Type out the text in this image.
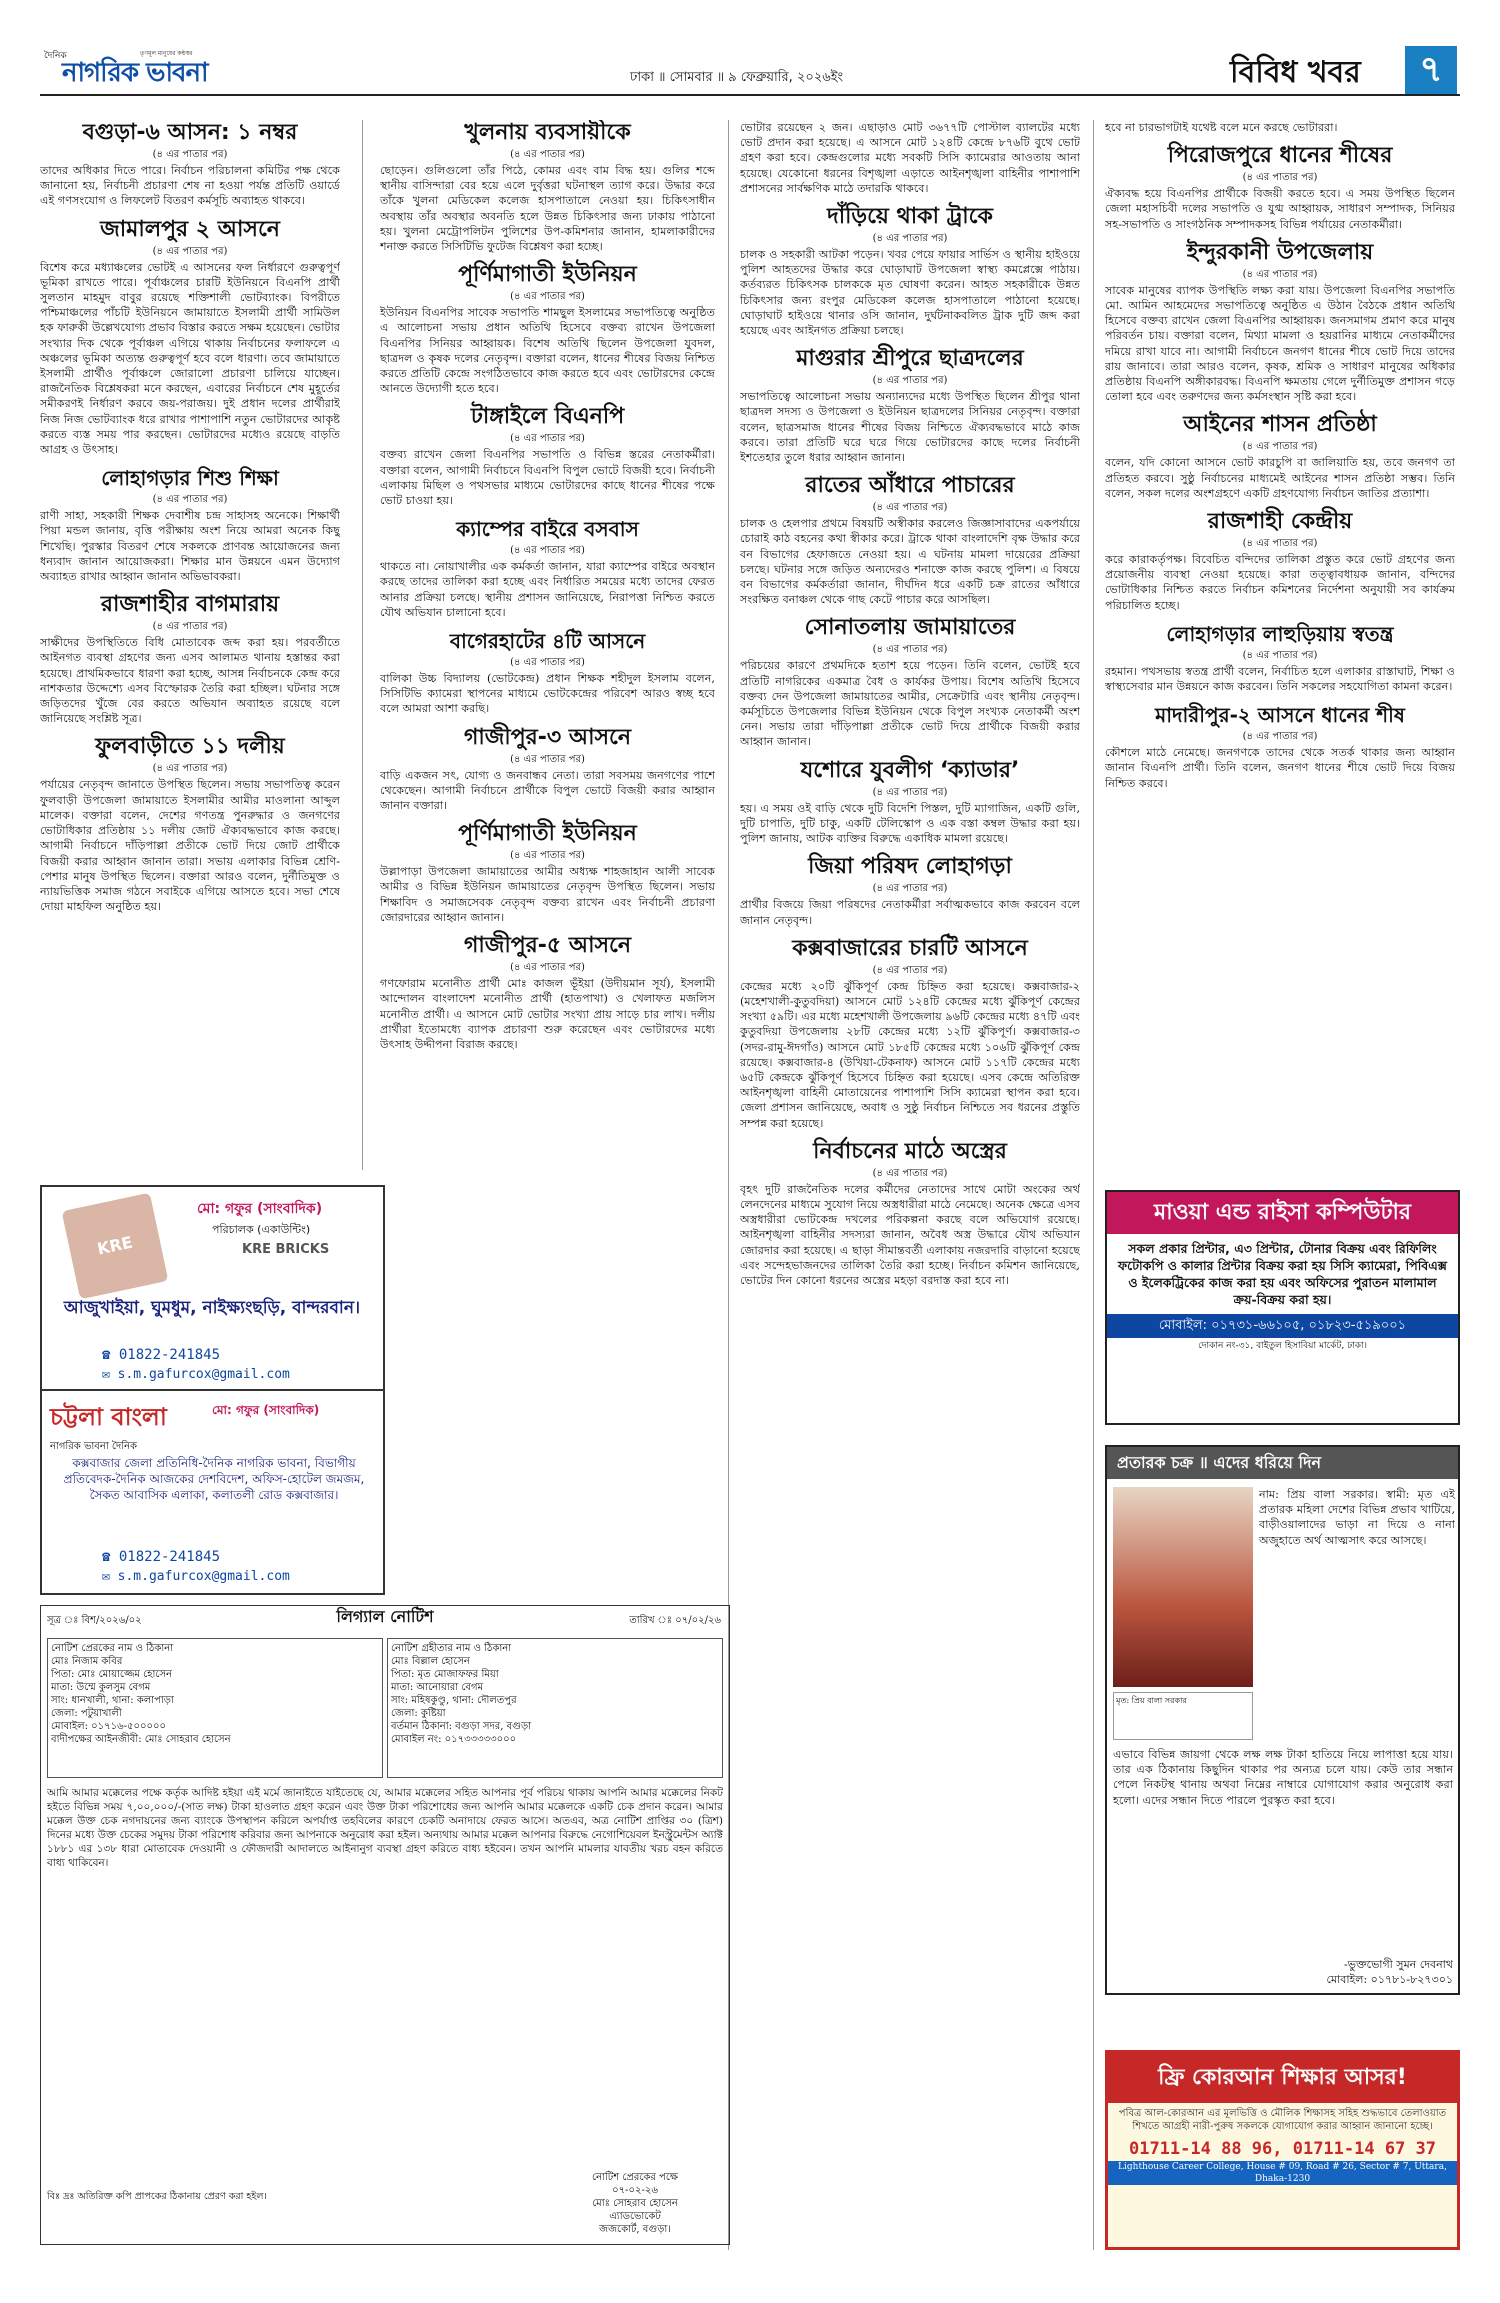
দৈনিক
নাগরিক ভাবনা
তৃণমূল মানুষের কন্ঠস্বর
ঢাকা ॥ সোমবার ॥ ৯ ফেব্রুয়ারি, ২০২৬ইং	বিবিধ খবর	৭
বগুড়া-৬ আসন: ১ নম্বর
(৪ এর পাতার পর)

তাদের অধিকার দিতে পারে। নির্বাচন পরিচালনা কমিটির পক্ষ থেকে জানানো হয়, নির্বাচনী প্রচারণা শেষ না হওয়া পর্যন্ত প্রতিটি ওয়ার্ডে এই গণসংযোগ ও লিফলেট বিতরণ কর্মসূচি অব্যাহত থাকবে।

জামালপুর ২ আসনে
(৪ এর পাতার পর)

বিশেষ করে মধ্যাঞ্চলের ভোটই এ আসনের ফল নির্ধারণে গুরুত্বপূর্ণ ভূমিকা রাখতে পারে। পূর্বাঞ্চলের চারটি ইউনিয়নে বিএনপি প্রার্থী সুলতান মাহমুদ বাবুর রয়েছে শক্তিশালী ভোটব্যাংক। বিপরীতে পশ্চিমাঞ্চলের পাঁচটি ইউনিয়নে জামায়াতে ইসলামী প্রার্থী সামিউল হক ফারুকী উল্লেখযোগ্য প্রভাব বিস্তার করতে সক্ষম হয়েছেন। ভোটার সংখ্যার দিক থেকে পূর্বাঞ্চল এগিয়ে থাকায় নির্বাচনের ফলাফলে এ অঞ্চলের ভূমিকা অত্যন্ত গুরুত্বপূর্ণ হবে বলে ধারণা। তবে জামায়াতে ইসলামী প্রার্থীও পূর্বাঞ্চলে জোরালো প্রচারণা চালিয়ে যাচ্ছেন। রাজনৈতিক বিশ্লেষকরা মনে করছেন, এবারের নির্বাচনে শেষ মুহূর্তের সমীকরণই নির্ধারণ করবে জয়-পরাজয়। দুই প্রধান দলের প্রার্থীরাই নিজ নিজ ভোটব্যাংক ধরে রাখার পাশাপাশি নতুন ভোটারদের আকৃষ্ট করতে ব্যস্ত সময় পার করছেন। ভোটারদের মধ্যেও রয়েছে বাড়তি আগ্রহ ও উৎসাহ।

লোহাগড়ার শিশু শিক্ষা
(৪ এর পাতার পর)

রাণী সাহা, সহকারী শিক্ষক দেবাশীষ চন্দ্র সাহাসহ অনেকে। শিক্ষার্থী পিয়া মন্ডল জানায়, বৃত্তি পরীক্ষায় অংশ নিয়ে আমরা অনেক কিছু শিখেছি। পুরস্কার বিতরণ শেষে সকলকে প্রাণবন্ত আয়োজনের জন্য ধন্যবাদ জানান আয়োজকরা। শিক্ষার মান উন্নয়নে এমন উদ্যোগ অব্যাহত রাখার আহ্বান জানান অভিভাবকরা।

রাজশাহীর বাগমারায়
(৪ এর পাতার পর)

সাক্ষীদের উপস্থিতিতে বিধি মোতাবেক জব্দ করা হয়। পরবর্তীতে আইনগত ব্যবস্থা গ্রহণের জন্য এসব আলামত থানায় হস্তান্তর করা হয়েছে। প্রাথমিকভাবে ধারণা করা হচ্ছে, আসন্ন নির্বাচনকে কেন্দ্র করে নাশকতার উদ্দেশ্যে এসব বিস্ফোরক তৈরি করা হচ্ছিল। ঘটনার সঙ্গে জড়িতদের খুঁজে বের করতে অভিযান অব্যাহত রয়েছে বলে জানিয়েছে সংশ্লিষ্ট সূত্র।

ফুলবাড়ীতে ১১ দলীয়
(৪ এর পাতার পর)

পর্যায়ের নেতৃবৃন্দ জানাতে উপস্থিত ছিলেন। সভায় সভাপতিত্ব করেন ফুলবাড়ী উপজেলা জামায়াতে ইসলামীর আমীর মাওলানা আব্দুল মালেক। বক্তারা বলেন, দেশের গণতন্ত্র পুনরুদ্ধার ও জনগণের ভোটাধিকার প্রতিষ্ঠায় ১১ দলীয় জোট ঐক্যবদ্ধভাবে কাজ করছে। আগামী নির্বাচনে দাঁড়িপাল্লা প্রতীকে ভোট দিয়ে জোট প্রার্থীকে বিজয়ী করার আহ্বান জানান তারা। সভায় এলাকার বিভিন্ন শ্রেণি-পেশার মানুষ উপস্থিত ছিলেন। বক্তারা আরও বলেন, দুর্নীতিমুক্ত ও ন্যায়ভিত্তিক সমাজ গঠনে সবাইকে এগিয়ে আসতে হবে। সভা শেষে দোয়া মাহফিল অনুষ্ঠিত হয়।

খুলনায় ব্যবসায়ীকে
(৪ এর পাতার পর)

ছোড়েন। গুলিগুলো তাঁর পিঠে, কোমর এবং বাম বিদ্ধ হয়। গুলির শব্দে স্থানীয় বাসিন্দারা বের হয়ে এলে দুর্বৃত্তরা ঘটনাস্থল ত্যাগ করে। উদ্ধার করে তাঁকে খুলনা মেডিকেল কলেজ হাসপাতালে নেওয়া হয়। চিকিৎসাধীন অবস্থায় তাঁর অবস্থার অবনতি হলে উন্নত চিকিৎসার জন্য ঢাকায় পাঠানো হয়। খুলনা মেট্রোপলিটন পুলিশের উপ-কমিশনার জানান, হামলাকারীদের শনাক্ত করতে সিসিটিভি ফুটেজ বিশ্লেষণ করা হচ্ছে।

পূর্ণিমাগাতী ইউনিয়ন
(৪ এর পাতার পর)

ইউনিয়ন বিএনপির সাবেক সভাপতি শামছুল ইসলামের সভাপতিত্বে অনুষ্ঠিত এ আলোচনা সভায় প্রধান অতিথি হিসেবে বক্তব্য রাখেন উপজেলা বিএনপির সিনিয়র আহ্বায়ক। বিশেষ অতিথি ছিলেন উপজেলা যুবদল, ছাত্রদল ও কৃষক দলের নেতৃবৃন্দ। বক্তারা বলেন, ধানের শীষের বিজয় নিশ্চিত করতে প্রতিটি কেন্দ্রে সংগঠিতভাবে কাজ করতে হবে এবং ভোটারদের কেন্দ্রে আনতে উদ্যোগী হতে হবে।

টাঙ্গাইলে বিএনপি
(৪ এর পাতার পর)

বক্তব্য রাখেন জেলা বিএনপির সভাপতি ও বিভিন্ন স্তরের নেতাকর্মীরা। বক্তারা বলেন, আগামী নির্বাচনে বিএনপি বিপুল ভোটে বিজয়ী হবে। নির্বাচনী এলাকায় মিছিল ও পথসভার মাধ্যমে ভোটারদের কাছে ধানের শীষের পক্ষে ভোট চাওয়া হয়।

ক্যাম্পের বাইরে বসবাস
(৪ এর পাতার পর)

থাকতে না। নোয়াখালীর এক কর্মকর্তা জানান, যারা ক্যাম্পের বাইরে অবস্থান করছে তাদের তালিকা করা হচ্ছে এবং নির্ধারিত সময়ের মধ্যে তাদের ফেরত আনার প্রক্রিয়া চলছে। স্থানীয় প্রশাসন জানিয়েছে, নিরাপত্তা নিশ্চিত করতে যৌথ অভিযান চালানো হবে।

বাগেরহাটের ৪টি আসনে
(৪ এর পাতার পর)

বালিকা উচ্চ বিদ্যালয় (ভোটকেন্দ্র) প্রধান শিক্ষক শহীদুল ইসলাম বলেন, সিসিটিভি ক্যামেরা স্থাপনের মাধ্যমে ভোটকেন্দ্রের পরিবেশ আরও স্বচ্ছ হবে বলে আমরা আশা করছি।

গাজীপুর-৩ আসনে
(৪ এর পাতার পর)

বাড়ি একজন সৎ, যোগ্য ও জনবান্ধব নেতা। তারা সবসময় জনগণের পাশে থেকেছেন। আগামী নির্বাচনে প্রার্থীকে বিপুল ভোটে বিজয়ী করার আহ্বান জানান বক্তারা।

পূর্ণিমাগাতী ইউনিয়ন
(৪ এর পাতার পর)

উল্লাপাড়া উপজেলা জামায়াতের আমীর অধ্যক্ষ শাহজাহান আলী সাবেক আমীর ও বিভিন্ন ইউনিয়ন জামায়াতের নেতৃবৃন্দ উপস্থিত ছিলেন। সভায় শিক্ষাবিদ ও সমাজসেবক নেতৃবৃন্দ বক্তব্য রাখেন এবং নির্বাচনী প্রচারণা জোরদারের আহ্বান জানান।

গাজীপুর-৫ আসনে
(৪ এর পাতার পর)

গণফোরাম মনোনীত প্রার্থী মোঃ কাজল ভূঁইয়া (উদীয়মান সূর্য), ইসলামী আন্দোলন বাংলাদেশ মনোনীত প্রার্থী (হাতপাখা) ও খেলাফত মজলিস মনোনীত প্রার্থী। এ আসনে মোট ভোটার সংখ্যা প্রায় সাড়ে চার লাখ। দলীয় প্রার্থীরা ইতোমধ্যে ব্যাপক প্রচারণা শুরু করেছেন এবং ভোটারদের মধ্যে উৎসাহ উদ্দীপনা বিরাজ করছে।

ভোটার রয়েছেন ২ জন। এছাড়াও মোট ৩৬৭৭টি পোস্টাল ব্যালটের মধ্যে ভোট প্রদান করা হয়েছে। এ আসনে মোট ১২৪টি কেন্দ্রে ৮৭৬টি বুথে ভোট গ্রহণ করা হবে। কেন্দ্রগুলোর মধ্যে সবকটি সিসি ক্যামেরার আওতায় আনা হয়েছে। যেকোনো ধরনের বিশৃঙ্খলা এড়াতে আইনশৃঙ্খলা বাহিনীর পাশাপাশি প্রশাসনের সার্বক্ষণিক মাঠে তদারকি থাকবে।

দাঁড়িয়ে থাকা ট্রাকে
(৪ এর পাতার পর)

চালক ও সহকারী আটকা পড়েন। খবর পেয়ে ফায়ার সার্ভিস ও স্থানীয় হাইওয়ে পুলিশ আহতদের উদ্ধার করে ঘোড়াঘাট উপজেলা স্বাস্থ্য কমপ্লেক্সে পাঠায়। কর্তব্যরত চিকিৎসক চালককে মৃত ঘোষণা করেন। আহত সহকারীকে উন্নত চিকিৎসার জন্য রংপুর মেডিকেল কলেজ হাসপাতালে পাঠানো হয়েছে। ঘোড়াঘাট হাইওয়ে থানার ওসি জানান, দুর্ঘটনাকবলিত ট্রাক দুটি জব্দ করা হয়েছে এবং আইনগত প্রক্রিয়া চলছে।

মাগুরার শ্রীপুরে ছাত্রদলের
(৪ এর পাতার পর)

সভাপতিত্বে আলোচনা সভায় অন্যান্যদের মধ্যে উপস্থিত ছিলেন শ্রীপুর থানা ছাত্রদল সদস্য ও উপজেলা ও ইউনিয়ন ছাত্রদলের সিনিয়র নেতৃবৃন্দ। বক্তারা বলেন, ছাত্রসমাজ ধানের শীষের বিজয় নিশ্চিতে ঐক্যবদ্ধভাবে মাঠে কাজ করবে। তারা প্রতিটি ঘরে ঘরে গিয়ে ভোটারদের কাছে দলের নির্বাচনী ইশতেহার তুলে ধরার আহ্বান জানান।

রাতের আঁধারে পাচারের
(৪ এর পাতার পর)

চালক ও হেলপার প্রথমে বিষয়টি অস্বীকার করলেও জিজ্ঞাসাবাদের একপর্যায়ে চোরাই কাঠ বহনের কথা স্বীকার করে। ট্রাকে থাকা বাংলাদেশি বৃক্ষ উদ্ধার করে বন বিভাগের হেফাজতে নেওয়া হয়। এ ঘটনায় মামলা দায়েরের প্রক্রিয়া চলছে। ঘটনার সঙ্গে জড়িত অন্যদেরও শনাক্তে কাজ করছে পুলিশ। এ বিষয়ে বন বিভাগের কর্মকর্তারা জানান, দীর্ঘদিন ধরে একটি চক্র রাতের আঁধারে সংরক্ষিত বনাঞ্চল থেকে গাছ কেটে পাচার করে আসছিল।

সোনাতলায় জামায়াতের
(৪ এর পাতার পর)

পরিচয়ের কারণে প্রথমদিকে হতাশ হয়ে পড়েন। তিনি বলেন, ভোটই হবে প্রতিটি নাগরিকের একমাত্র বৈধ ও কার্যকর উপায়। বিশেষ অতিথি হিসেবে বক্তব্য দেন উপজেলা জামায়াতের আমীর, সেক্রেটারি এবং স্থানীয় নেতৃবৃন্দ। কর্মসূচিতে উপজেলার বিভিন্ন ইউনিয়ন থেকে বিপুল সংখ্যক নেতাকর্মী অংশ নেন। সভায় তারা দাঁড়িপাল্লা প্রতীকে ভোট দিয়ে প্রার্থীকে বিজয়ী করার আহ্বান জানান।

যশোরে যুবলীগ ‘ক্যাডার’
(৪ এর পাতার পর)

হয়। এ সময় ওই বাড়ি থেকে দুটি বিদেশি পিস্তল, দুটি ম্যাগাজিন, একটি গুলি, দুটি চাপাতি, দুটি চাকু, একটি টেলিস্কোপ ও এক বস্তা কম্বল উদ্ধার করা হয়। পুলিশ জানায়, আটক ব্যক্তির বিরুদ্ধে একাধিক মামলা রয়েছে।

জিয়া পরিষদ লোহাগড়া
(৪ এর পাতার পর)

প্রার্থীর বিজয়ে জিয়া পরিষদের নেতাকর্মীরা সর্বাত্মকভাবে কাজ করবেন বলে জানান নেতৃবৃন্দ।

কক্সবাজারের চারটি আসনে
(৪ এর পাতার পর)

কেন্দ্রের মধ্যে ২০টি ঝুঁকিপূর্ণ কেন্দ্র চিহ্নিত করা হয়েছে। কক্সবাজার-২ (মহেশখালী-কুতুবদিয়া) আসনে মোট ১২৪টি কেন্দ্রের মধ্যে ঝুঁকিপূর্ণ কেন্দ্রের সংখ্যা ৫৯টি। এর মধ্যে মহেশখালী উপজেলায় ৯৬টি কেন্দ্রের মধ্যে ৪৭টি এবং কুতুবদিয়া উপজেলায় ২৮টি কেন্দ্রের মধ্যে ১২টি ঝুঁকিপূর্ণ। কক্সবাজার-৩ (সদর-রামু-ঈদগাঁও) আসনে মোট ১৮৫টি কেন্দ্রের মধ্যে ১০৬টি ঝুঁকিপূর্ণ কেন্দ্র রয়েছে। কক্সবাজার-৪ (উখিয়া-টেকনাফ) আসনে মোট ১১৭টি কেন্দ্রের মধ্যে ৬৫টি কেন্দ্রকে ঝুঁকিপূর্ণ হিসেবে চিহ্নিত করা হয়েছে। এসব কেন্দ্রে অতিরিক্ত আইনশৃঙ্খলা বাহিনী মোতায়েনের পাশাপাশি সিসি ক্যামেরা স্থাপন করা হবে। জেলা প্রশাসন জানিয়েছে, অবাধ ও সুষ্ঠু নির্বাচন নিশ্চিতে সব ধরনের প্রস্তুতি সম্পন্ন করা হয়েছে।

নির্বাচনের মাঠে অস্ত্রের
(৪ এর পাতার পর)

বৃহৎ দুটি রাজনৈতিক দলের কর্মীদের নেতাদের সাথে মোটা অংকের অর্থ লেনদেনের মাধ্যমে সুযোগ নিয়ে অস্ত্রধারীরা মাঠে নেমেছে। অনেক ক্ষেত্রে এসব অস্ত্রধারীরা ভোটকেন্দ্র দখলের পরিকল্পনা করছে বলে অভিযোগ রয়েছে। আইনশৃঙ্খলা বাহিনীর সদস্যরা জানান, অবৈধ অস্ত্র উদ্ধারে যৌথ অভিযান জোরদার করা হয়েছে। এ ছাড়া সীমান্তবর্তী এলাকায় নজরদারি বাড়ানো হয়েছে এবং সন্দেহভাজনদের তালিকা তৈরি করা হচ্ছে। নির্বাচন কমিশন জানিয়েছে, ভোটের দিন কোনো ধরনের অস্ত্রের মহড়া বরদাস্ত করা হবে না।

হবে না চারভাগটাই যথেষ্ট বলে মনে করছে ভোটাররা।

পিরোজপুরে ধানের শীষের
(৪ এর পাতার পর)

ঐক্যবদ্ধ হয়ে বিএনপির প্রার্থীকে বিজয়ী করতে হবে। এ সময় উপস্থিত ছিলেন জেলা মহাসচিবী দলের সভাপতি ও যুগ্ম আহ্বায়ক, সাধারণ সম্পাদক, সিনিয়র সহ-সভাপতি ও সাংগঠনিক সম্পাদকসহ বিভিন্ন পর্যায়ের নেতাকর্মীরা।

ইন্দুরকানী উপজেলায়
(৪ এর পাতার পর)

সাবেক মানুষের ব্যাপক উপস্থিতি লক্ষ্য করা যায়। উপজেলা বিএনপির সভাপতি মো. আমিন আহমেদের সভাপতিত্বে অনুষ্ঠিত এ উঠান বৈঠকে প্রধান অতিথি হিসেবে বক্তব্য রাখেন জেলা বিএনপির আহ্বায়ক। জনসমাগম প্রমাণ করে মানুষ পরিবর্তন চায়। বক্তারা বলেন, মিথ্যা মামলা ও হয়রানির মাধ্যমে নেতাকর্মীদের দমিয়ে রাখা যাবে না। আগামী নির্বাচনে জনগণ ধানের শীষে ভোট দিয়ে তাদের রায় জানাবে। তারা আরও বলেন, কৃষক, শ্রমিক ও সাধারণ মানুষের অধিকার প্রতিষ্ঠায় বিএনপি অঙ্গীকারবদ্ধ। বিএনপি ক্ষমতায় গেলে দুর্নীতিমুক্ত প্রশাসন গড়ে তোলা হবে এবং তরুণদের জন্য কর্মসংস্থান সৃষ্টি করা হবে।

আইনের শাসন প্রতিষ্ঠা
(৪ এর পাতার পর)

বলেন, যদি কোনো আসনে ভোট কারচুপি বা জালিয়াতি হয়, তবে জনগণ তা প্রতিহত করবে। সুষ্ঠু নির্বাচনের মাধ্যমেই আইনের শাসন প্রতিষ্ঠা সম্ভব। তিনি বলেন, সকল দলের অংশগ্রহণে একটি গ্রহণযোগ্য নির্বাচন জাতির প্রত্যাশা।

রাজশাহী কেন্দ্রীয়
(৪ এর পাতার পর)

করে কারাকর্তৃপক্ষ। বিবেচিত বন্দিদের তালিকা প্রস্তুত করে ভোট গ্রহণের জন্য প্রয়োজনীয় ব্যবস্থা নেওয়া হয়েছে। কারা তত্ত্বাবধায়ক জানান, বন্দিদের ভোটাধিকার নিশ্চিত করতে নির্বাচন কমিশনের নির্দেশনা অনুযায়ী সব কার্যক্রম পরিচালিত হচ্ছে।

লোহাগড়ার লাহুড়িয়ায় স্বতন্ত্র
(৪ এর পাতার পর)

রহমান। পথসভায় স্বতন্ত্র প্রার্থী বলেন, নির্বাচিত হলে এলাকার রাস্তাঘাট, শিক্ষা ও স্বাস্থ্যসেবার মান উন্নয়নে কাজ করবেন। তিনি সকলের সহযোগিতা কামনা করেন।

মাদারীপুর-২ আসনে ধানের শীষ
(৪ এর পাতার পর)

কৌশলে মাঠে নেমেছে। জনগণকে তাদের থেকে সতর্ক থাকার জন্য আহ্বান জানান বিএনপি প্রার্থী। তিনি বলেন, জনগণ ধানের শীষে ভোট দিয়ে বিজয় নিশ্চিত করবে।

KRE
মো: গফুর (সাংবাদিক)
পরিচালক (একাউন্টিং)
KRE BRICKS
আজুখাইয়া, ঘুমধুম, নাইক্ষ্যংছড়ি, বান্দরবান।
☎ 01822-241845
✉ s.m.gafurcox@gmail.com
চট্টলা বাংলা	মো: গফুর (সাংবাদিক)
নাগরিক ভাবনা দৈনিক
কক্সবাজার জেলা প্রতিনিধি-দৈনিক নাগরিক ভাবনা, বিভাগীয় প্রতিবেদক-দৈনিক আজকের দেশবিদেশ, অফিস-হোটেল জমজম, সৈকত আবাসিক এলাকা, কলাতলী রোড কক্সবাজার।
☎ 01822-241845
✉ s.m.gafurcox@gmail.com
সূত্র ঃ বিশ/২০২৬/০২	লিগ্যাল নোটিশ	তারিখ ঃ ০৭/০২/২৬
নোটিশ প্রেরকের নাম ও ঠিকানা
মোঃ নিজাম কবির
পিতা: মোঃ মোয়াজ্জেম হোসেন
মাতা: উম্মে কুলসুম বেগম
সাং: ধানখালী, থানা: কলাপাড়া
জেলা: পটুয়াখালী
মোবাইল: ০১৭১৬-৫০০০০০
বাদীপক্ষের আইনজীবী: মোঃ সোহরাব হোসেন
নোটিশ গ্রহীতার নাম ও ঠিকানা
মোঃ বিল্লাল হোসেন
পিতা: মৃত মোজাফফর মিয়া
মাতা: আনোয়ারা বেগম
সাং: মহিষকুণ্ডু, থানা: দৌলতপুর
জেলা: কুষ্টিয়া
বর্তমান ঠিকানা: বগুড়া সদর, বগুড়া
মোবাইল নং: ০১৭৩৩৩৩৩০০০
আমি আমার মক্কেলের পক্ষে কর্তৃক আদিষ্ট হইয়া এই মর্মে জানাইতে যাইতেছে যে, আমার মক্কেলের সহিত আপনার পূর্ব পরিচয় থাকায় আপনি আমার মক্কেলের নিকট হইতে বিভিন্ন সময় ৭,০০,০০০/-(সাত লক্ষ) টাকা হাওলাত গ্রহণ করেন এবং উক্ত টাকা পরিশোধের জন্য আপনি আমার মক্কেলকে একটি চেক প্রদান করেন। আমার মক্কেল উক্ত চেক নগদায়নের জন্য ব্যাংকে উপস্থাপন করিলে অপর্যাপ্ত তহবিলের কারণে চেকটি অনাদায়ে ফেরত আসে। অতএব, অত্র নোটিশ প্রাপ্তির ৩০ (ত্রিশ) দিনের মধ্যে উক্ত চেকের সমুদয় টাকা পরিশোধ করিবার জন্য আপনাকে অনুরোধ করা হইল। অন্যথায় আমার মক্কেল আপনার বিরুদ্ধে নেগোশিয়েবল ইনস্ট্রুমেন্টস অ্যাক্ট ১৮৮১ এর ১৩৮ ধারা মোতাবেক দেওয়ানী ও ফৌজদারী আদালতে আইনানুগ ব্যবস্থা গ্রহণ করিতে বাধ্য হইবেন। তখন আপনি মামলার যাবতীয় খরচ বহন করিতে বাধ্য থাকিবেন।
বিঃ দ্রঃ অতিরিক্ত কপি প্রাপকের ঠিকানায় প্রেরণ করা হইল।
নোটিশ প্রেরকের পক্ষে
০৭-০২-২৬
মোঃ সোহরাব হোসেন
এ্যাডভোকেট
জজকোর্ট, বগুড়া।
মাওয়া এন্ড রাইসা কম্পিউটার
সকল প্রকার প্রিন্টার, এ৩ প্রিন্টার, টোনার বিক্রয় এবং রিফিলিং ফটোকপি ও কালার প্রিন্টার বিক্রয় করা হয় সিসি ক্যামেরা, পিবিএক্স ও ইলেকট্রিকের কাজ করা হয় এবং অফিসের পুরাতন মালামাল ক্রয়-বিক্রয় করা হয়।
মোবাইল: ০১৭৩১-৬৬১০৫, ০১৮২৩-৫১৯০০১
দোকান নং-৩১, বাইতুল হিসাবিয়া মার্কেট, ঢাকা।
প্রতারক চক্র ॥ এদের ধরিয়ে দিন
মৃত: প্রিয় বালা সরকার
নাম: প্রিয় বালা সরকার। স্বামী: মৃত এই প্রতারক মহিলা দেশের বিভিন্ন প্রভাব খাটিয়ে, বাড়ীওয়ালাদের ভাড়া না দিয়ে ও নানা অজুহাতে অর্থ আত্মসাৎ করে আসছে।
এভাবে বিভিন্ন জায়গা থেকে লক্ষ লক্ষ টাকা হাতিয়ে নিয়ে লাপাত্তা হয়ে যায়। তার এক ঠিকানায় কিছুদিন থাকার পর অন্যত্র চলে যায়। কেউ তার সন্ধান পেলে নিকটস্থ থানায় অথবা নিম্নের নাম্বারে যোগাযোগ করার অনুরোধ করা হলো। এদের সন্ধান দিতে পারলে পুরস্কৃত করা হবে।
-ভুক্তভোগী সুমন দেবনাথ
মোবাইল: ০১৭৮১-৮২৭৩০১
ফ্রি কোরআন শিক্ষার আসর!
পবিত্র আল-কোরআন এর মূলভিত্তি ও মৌলিক শিক্ষাসহ সহিহ শুদ্ধভাবে তেলাওয়াত শিখতে আগ্রহী নারী-পুরুষ সকলকে যোগাযোগ করার আহ্বান জানানো হচ্ছে।
01711-14 88 96, 01711-14 67 37
Lighthouse Career College, House # 09, Road # 26, Sector # 7, Uttara, Dhaka-1230
